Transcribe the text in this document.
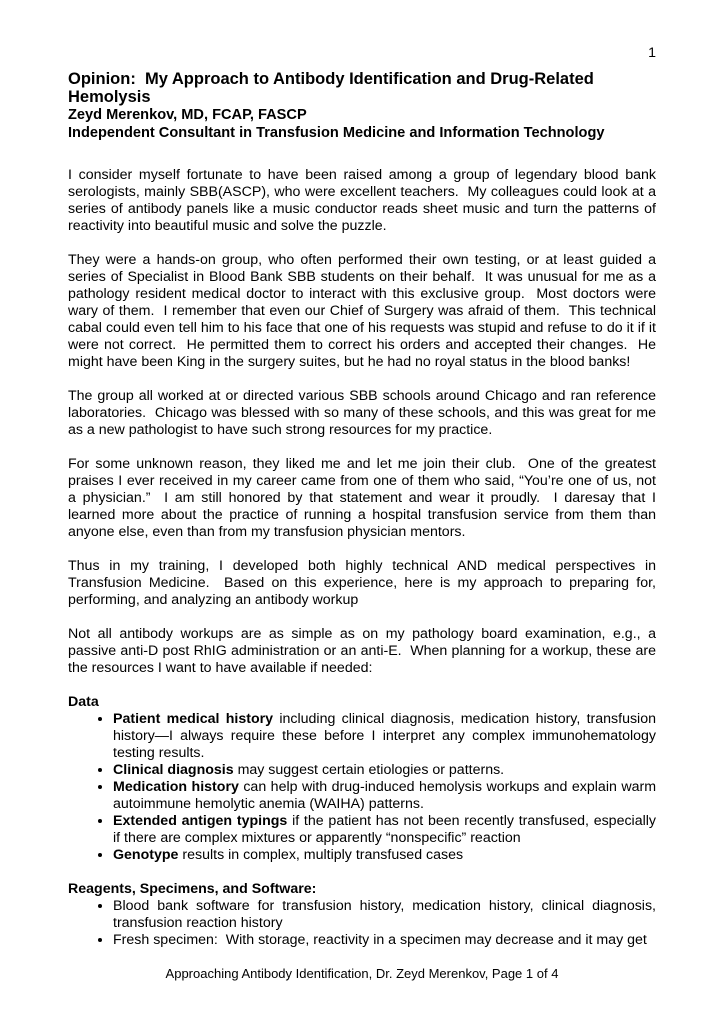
1
Opinion:  My Approach to Antibody Identification and Drug-Related Hemolysis
Zeyd Merenkov, MD, FCAP, FASCP
Independent Consultant in Transfusion Medicine and Information Technology

I consider myself fortunate to have been raised among a group of legendary blood bank serologists, mainly SBB(ASCP), who were excellent teachers.  My colleagues could look at a series of antibody panels like a music conductor reads sheet music and turn the patterns of reactivity into beautiful music and solve the puzzle.

They were a hands-on group, who often performed their own testing, or at least guided a series of Specialist in Blood Bank SBB students on their behalf.  It was unusual for me as a pathology resident medical doctor to interact with this exclusive group.  Most doctors were wary of them.  I remember that even our Chief of Surgery was afraid of them.  This technical cabal could even tell him to his face that one of his requests was stupid and refuse to do it if it were not correct.  He permitted them to correct his orders and accepted their changes.  He might have been King in the surgery suites, but he had no royal status in the blood banks!

The group all worked at or directed various SBB schools around Chicago and ran reference laboratories.  Chicago was blessed with so many of these schools, and this was great for me as a new pathologist to have such strong resources for my practice.

For some unknown reason, they liked me and let me join their club.  One of the greatest praises I ever received in my career came from one of them who said, “You’re one of us, not a physician.”  I am still honored by that statement and wear it proudly.  I daresay that I learned more about the practice of running a hospital transfusion service from them than anyone else, even than from my transfusion physician mentors.

Thus in my training, I developed both highly technical AND medical perspectives in Transfusion Medicine.  Based on this experience, here is my approach to preparing for, performing, and analyzing an antibody workup

Not all antibody workups are as simple as on my pathology board examination, e.g., a passive anti-D post RhIG administration or an anti-E.  When planning for a workup, these are the resources I want to have available if needed:

Data
• Patient medical history including clinical diagnosis, medication history, transfusion history—I always require these before I interpret any complex immunohematology testing results.
• Clinical diagnosis may suggest certain etiologies or patterns.
• Medication history can help with drug-induced hemolysis workups and explain warm autoimmune hemolytic anemia (WAIHA) patterns.
• Extended antigen typings if the patient has not been recently transfused, especially if there are complex mixtures or apparently “nonspecific” reaction
• Genotype results in complex, multiply transfused cases
Reagents, Specimens, and Software:
• Blood bank software for transfusion history, medication history, clinical diagnosis, transfusion reaction history
• Fresh specimen:  With storage, reactivity in a specimen may decrease and it may get
Approaching Antibody Identification, Dr. Zeyd Merenkov, Page 1 of 4
